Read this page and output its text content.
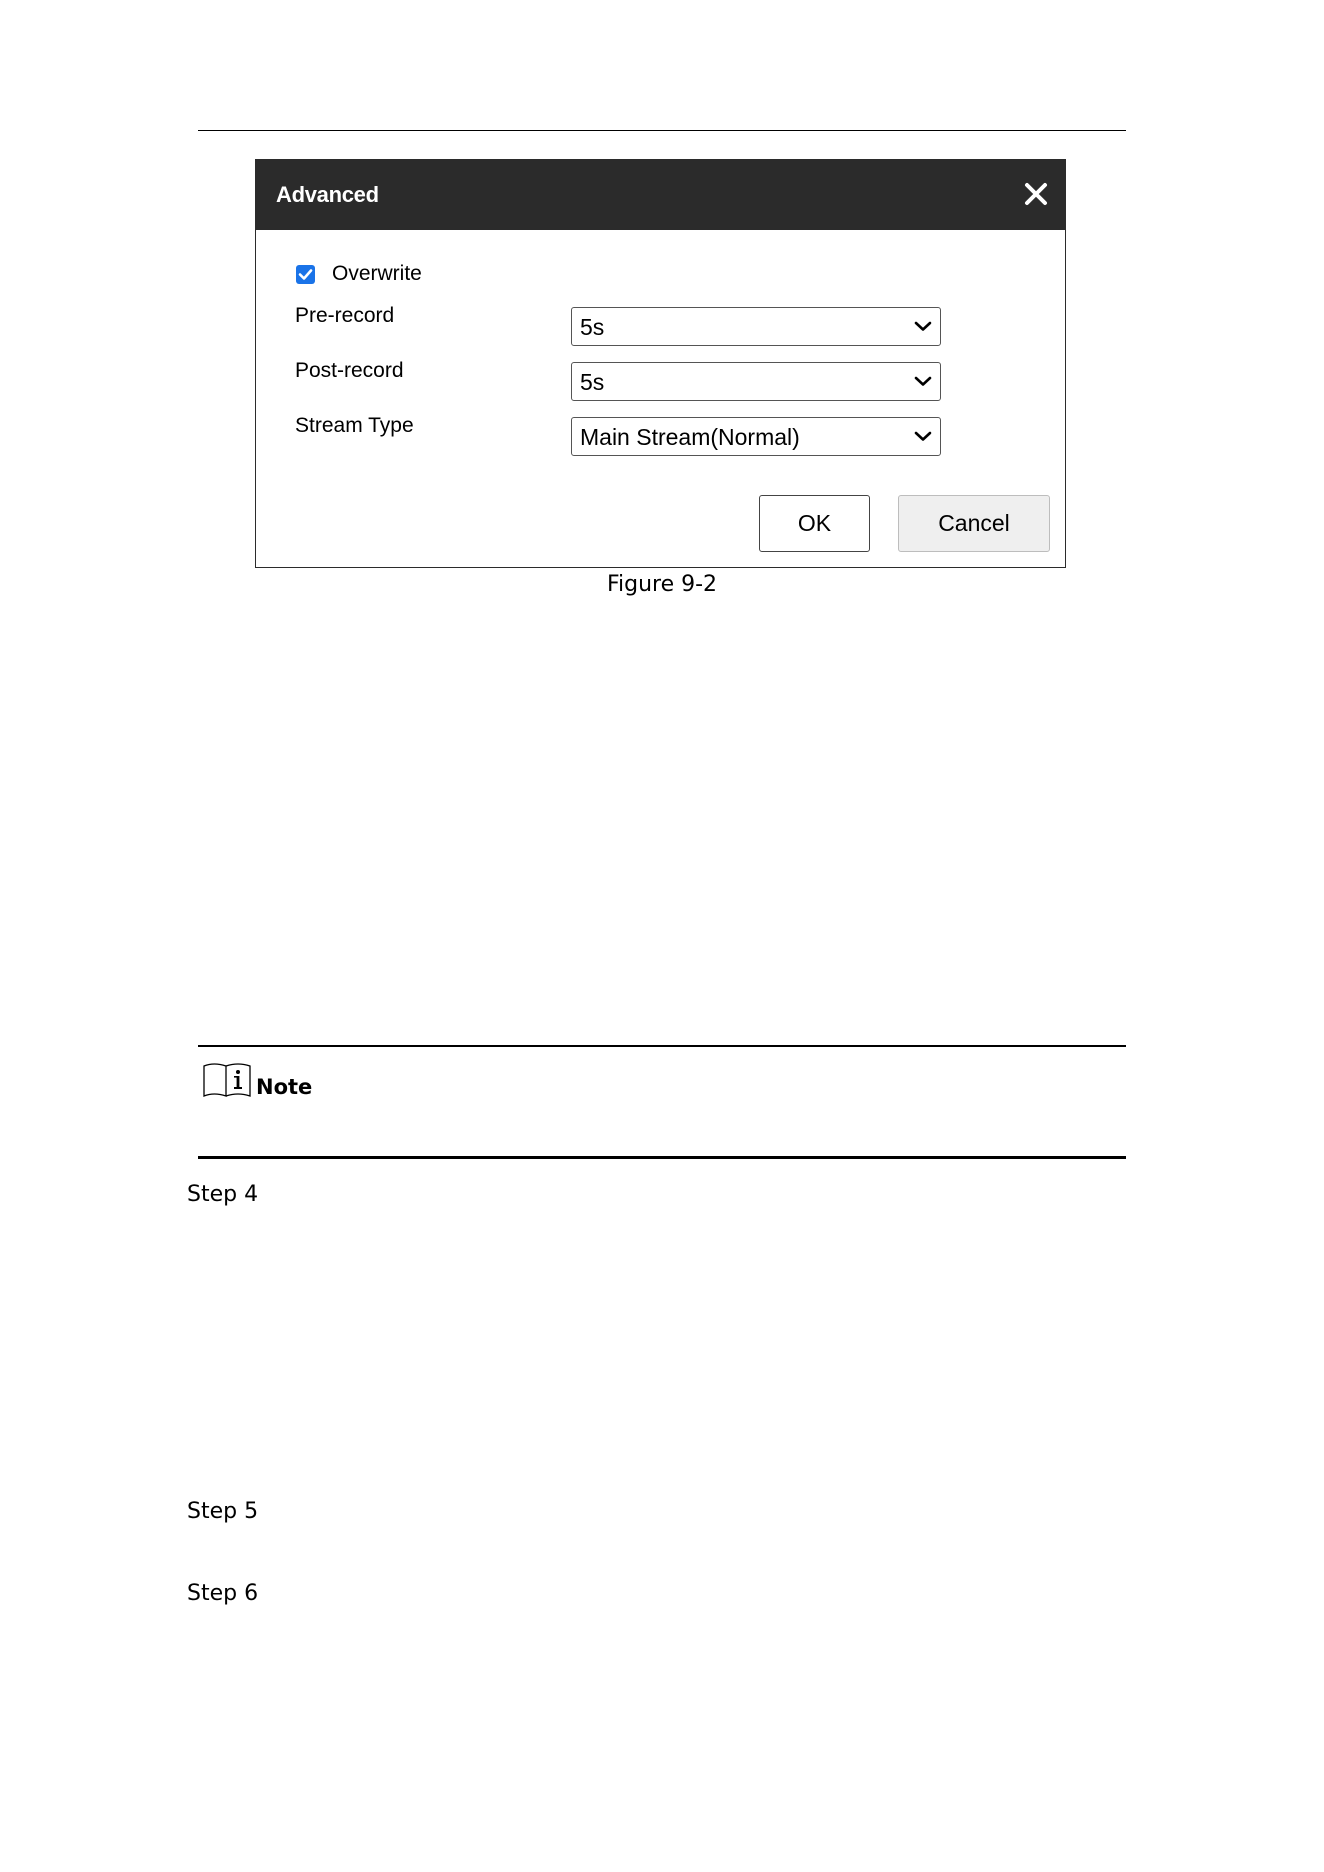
Advanced
Overwrite
Pre-record	5s
Post-record	5s
Stream Type	Main Stream(Normal)
OK	Cancel
Figure 9-2
Note
Step 4
Step 5
Step 6
